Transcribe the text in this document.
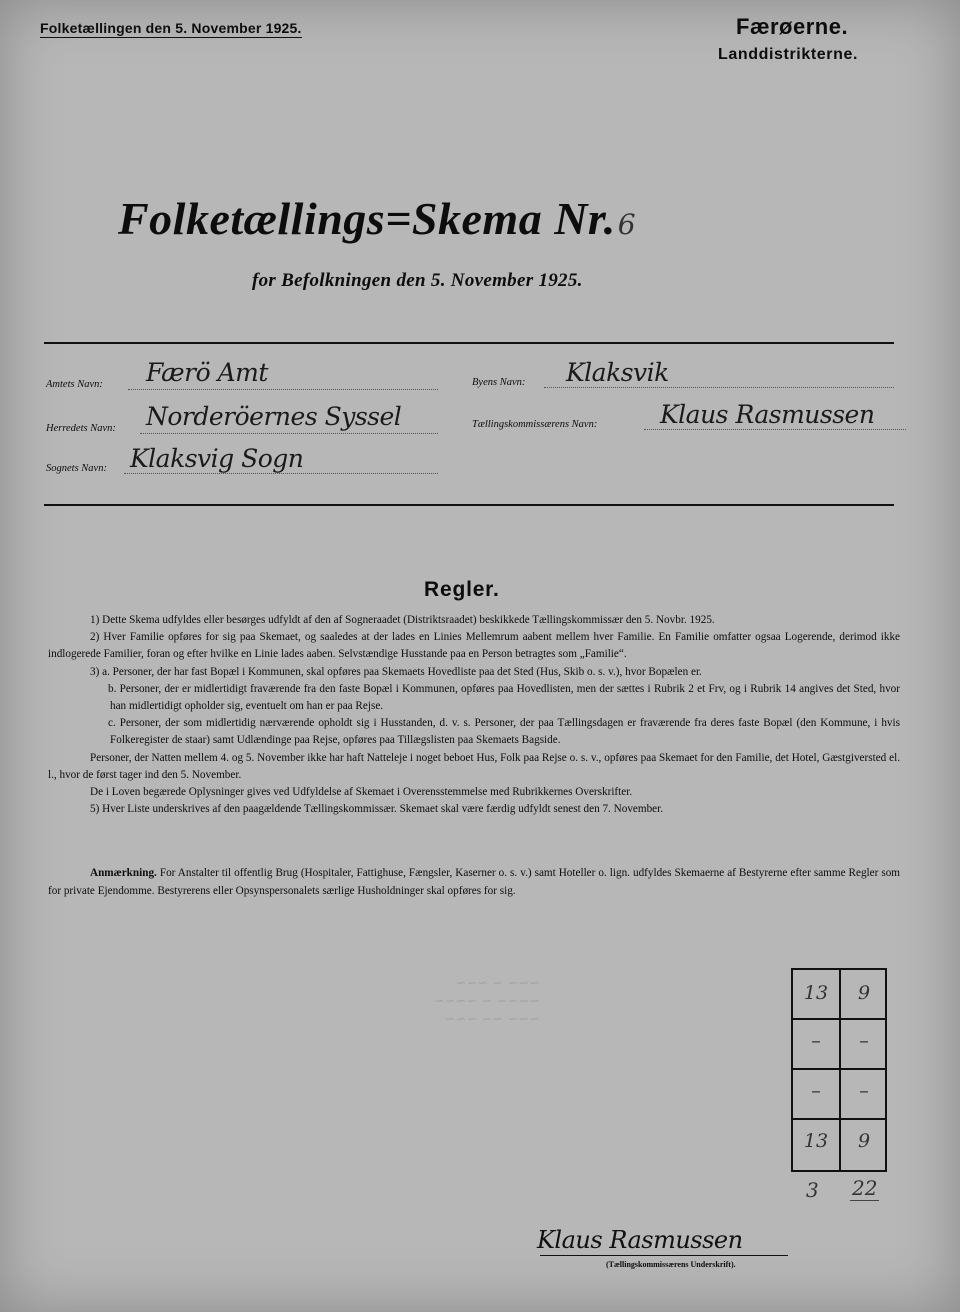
Folketællingen den 5. November 1925.	Færøerne.
Landdistrikterne.
Folketællings=Skema Nr.6
for Befolkningen den 5. November 1925.
Amtets Navn: Færö Amt	Byens Navn: Klaksvik
Herredets Navn: Norderöernes Syssel	Tællingskommissærens Navn:	Klaus Rasmussen
Sognets Navn: Klaksvig Sogn
Regler.

1) Dette Skema udfyldes eller besørges udfyldt af den af Sogneraadet (Distriktsraadet) beskikkede Tællingskommissær den 5. Novbr. 1925.

2) Hver Familie opføres for sig paa Skemaet, og saaledes at der lades en Linies Mellemrum aabent mellem hver Familie. En Familie omfatter ogsaa Logerende, derimod ikke indlogerede Familier, foran og efter hvilke en Linie lades aaben. Selvstændige Husstande paa en Person betragtes som „Familie“.

3) a. Personer, der har fast Bopæl i Kommunen, skal opføres paa Skemaets Hovedliste paa det Sted (Hus, Skib o. s. v.), hvor Bopælen er.

b. Personer, der er midlertidigt fraværende fra den faste Bopæl i Kommunen, opføres paa Hovedlisten, men der sættes i Rubrik 2 et Frv, og i Rubrik 14 angives det Sted, hvor han midlertidigt opholder sig, eventuelt om han er paa Rejse.

c. Personer, der som midlertidig nærværende opholdt sig i Husstanden, d. v. s. Personer, der paa Tællingsdagen er fraværende fra deres faste Bopæl (den Kommune, i hvis Folkeregister de staar) samt Udlændinge paa Rejse, opføres paa Tillægslisten paa Skemaets Bagside.

Personer, der Natten mellem 4. og 5. November ikke har haft Natteleje i noget beboet Hus, Folk paa Rejse o. s. v., opføres paa Skemaet for den Familie, det Hotel, Gæstgiversted el. l., hvor de først tager ind den 5. November.

De i Loven begærede Oplysninger gives ved Udfyldelse af Skemaet i Overensstemmelse med Rubrikkernes Overskrifter.

5) Hver Liste underskrives af den paagældende Tællingskommissær. Skemaet skal være færdig udfyldt senest den 7. November.

Anmærkning. For Anstalter til offentlig Brug (Hospitaler, Fattighuse, Fængsler, Kaserner o. s. v.) samt Hoteller o. lign. udfyldes Skemaerne af Bestyrerne efter samme Regler som for private Ejendomme. Bestyrerens eller Opsynspersonalets særlige Husholdninger skal opføres for sig.

~~~ ~ ~~~
~~~~ ~ ~~~~
~~~ ~~ ~~~
13	9
–	–
–	–
13	9
3 22
Klaus Rasmussen
(Tællingskommissærens Underskrift).
